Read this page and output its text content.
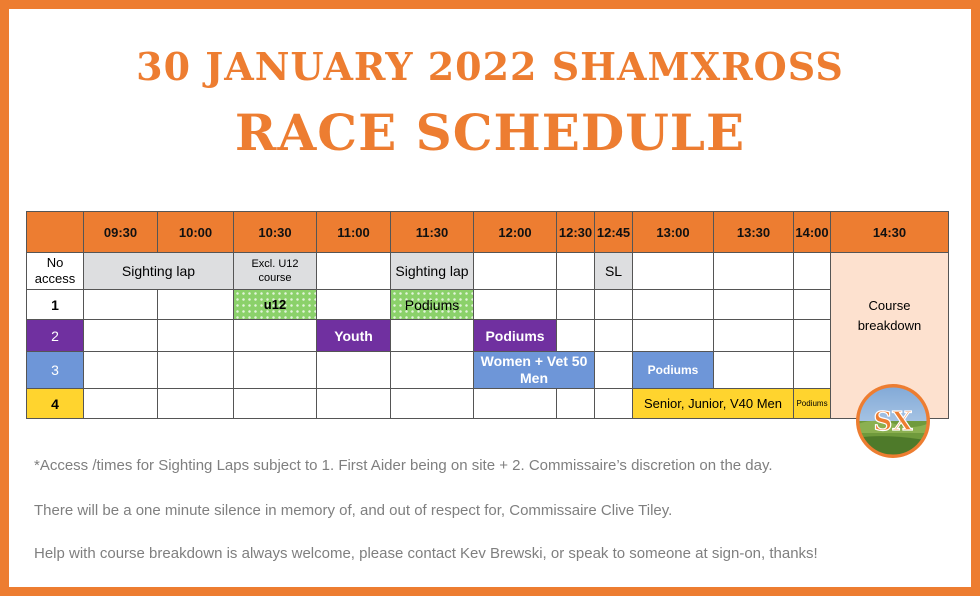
30 JANUARY 2022 SHAMXROSS
RACE SCHEDULE
	09:30	10:00	10:30	11:00	11:30	12:00	12:30	12:45	13:00	13:30	14:00	14:30
No access	Sighting lap		Excl. U12 course		Sighting lap			SL				Course breakdown

1			u12		Podiums							
2				Youth		Podiums						
3						Women + Vet 50 Men			Podiums			
4									Senior, Junior, V40 Men		Podiums	
SX
*Access /times for Sighting Laps subject to 1. First Aider being on site + 2. Commissaire’s discretion on the day.
There will be a one minute silence in memory of, and out of respect for, Commissaire Clive Tiley.
Help with course breakdown is always welcome, please contact Kev Brewski, or speak to someone at sign-on, thanks!
